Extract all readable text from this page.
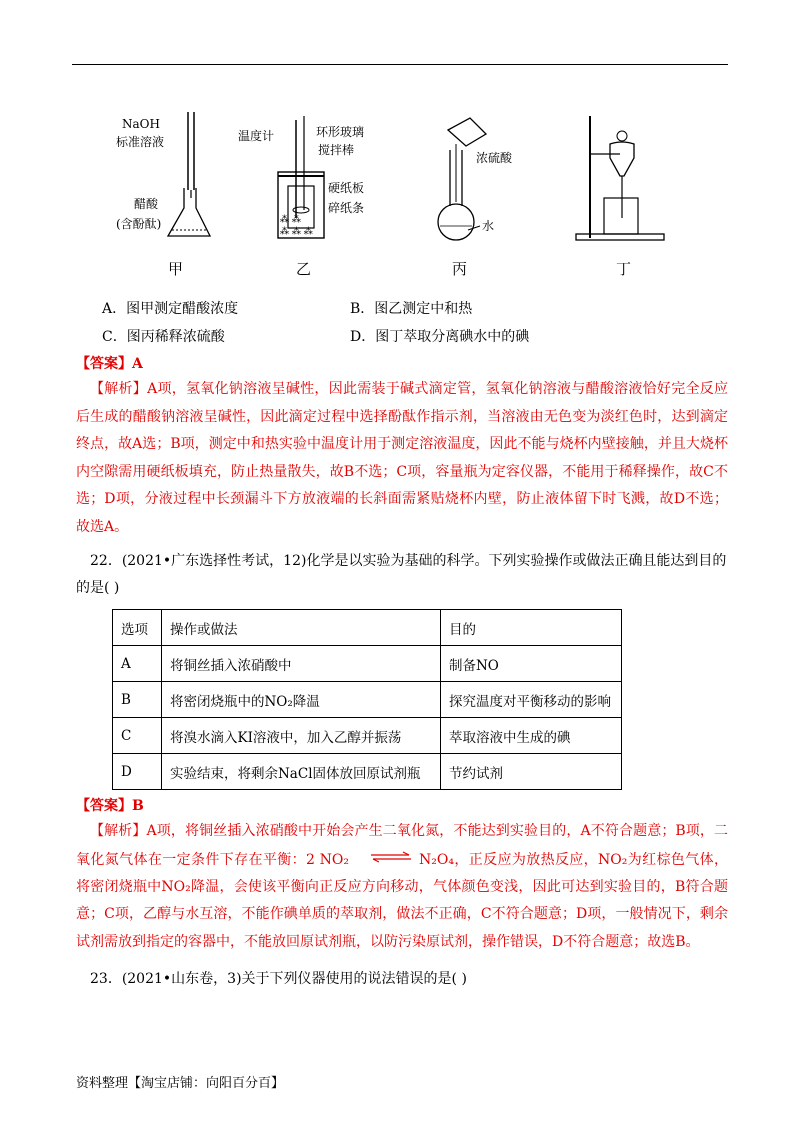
NaOH
标准溶液
醋酸
(含酚酞)
温度计	环形玻璃
搅拌棒
硬纸板
碎纸条
⁂ ⁂
⁂ ⁂ ⁂
浓硫酸
水
甲	乙	丙	丁
A．图甲测定醋酸浓度	B．图乙测定中和热
C．图丙稀释浓硫酸	D．图丁萃取分离碘水中的碘
【答案】A
【解析】A项，氢氧化钠溶液呈碱性，因此需装于碱式滴定管，氢氧化钠溶液与醋酸溶液恰好完全反应后生成的醋酸钠溶液呈碱性，因此滴定过程中选择酚酞作指示剂，当溶液由无色变为淡红色时，达到滴定终点，故A选；B项，测定中和热实验中温度计用于测定溶液温度，因此不能与烧杯内壁接触，并且大烧杯内空隙需用硬纸板填充，防止热量散失，故B不选；C项，容量瓶为定容仪器，不能用于稀释操作，故C不选；D项，分液过程中长颈漏斗下方放液端的长斜面需紧贴烧杯内壁，防止液体留下时飞溅，故D不选；故选A。
22．(2021•广东选择性考试，12)化学是以实验为基础的科学。下列实验操作或做法正确且能达到目的的是( )
选项	操作或做法	目的
A	将铜丝插入浓硝酸中	制备NO
B	将密闭烧瓶中的NO₂降温	探究温度对平衡移动的影响
C	将溴水滴入KI溶液中，加入乙醇并振荡	萃取溶液中生成的碘
D	实验结束，将剩余NaCl固体放回原试剂瓶	节约试剂
【答案】B
【解析】A项，将铜丝插入浓硝酸中开始会产生二氧化氮，不能达到实验目的，A不符合题意；B项，二氧化氮气体在一定条件下存在平衡：2 NO₂	N₂O₄，正反应为放热反应，NO₂为红棕色气体，将密闭烧瓶中NO₂降温，会使该平衡向正反应方向移动，气体颜色变浅，因此可达到实验目的，B符合题意；C项，乙醇与水互溶，不能作碘单质的萃取剂，做法不正确，C不符合题意；D项，一般情况下，剩余试剂需放到指定的容器中，不能放回原试剂瓶，以防污染原试剂，操作错误，D不符合题意；故选B。
23．(2021•山东卷，3)关于下列仪器使用的说法错误的是( )
资料整理【淘宝店铺：向阳百分百】
